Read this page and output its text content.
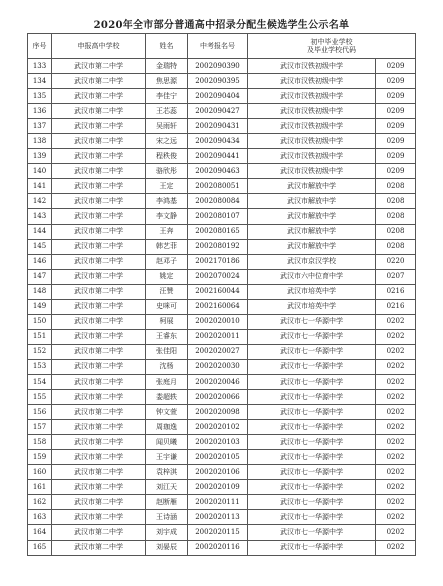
2020年全市部分普通高中招录分配生候选学生公示名单
序号	申报高中学校	姓名	中考报名号	初中毕业学校
及毕业学校代码	

133	武汉市第二中学	金瑞特	2002090390	武汉市汉铁初级中学	0209
134	武汉市第二中学	焦思源	2002090395	武汉市汉铁初级中学	0209
135	武汉市第二中学	李佳宁	2002090404	武汉市汉铁初级中学	0209
136	武汉市第二中学	王芯蕊	2002090427	武汉市汉铁初级中学	0209
137	武汉市第二中学	吴雨轩	2002090431	武汉市汉铁初级中学	0209
138	武汉市第二中学	宋之远	2002090434	武汉市汉铁初级中学	0209
139	武汉市第二中学	程秩俊	2002090441	武汉市汉铁初级中学	0209
140	武汉市第二中学	骆欣彤	2002090463	武汉市汉铁初级中学	0209
141	武汉市第二中学	王定	2002080051	武汉市解放中学	0208
142	武汉市第二中学	李鸿基	2002080084	武汉市解放中学	0208
143	武汉市第二中学	李文静	2002080107	武汉市解放中学	0208
144	武汉市第二中学	王奔	2002080165	武汉市解放中学	0208
145	武汉市第二中学	韩艺菲	2002080192	武汉市解放中学	0208
146	武汉市第二中学	赵邓子	2002170186	武汉市京汉学校	0220
147	武汉市第二中学	姚定	2002070024	武汉市六中位育中学	0207
148	武汉市第二中学	汪赞	2002160044	武汉市培英中学	0216
149	武汉市第二中学	史咪可	2002160064	武汉市培英中学	0216
150	武汉市第二中学	柯展	2002020010	武汉市七一华源中学	0202
151	武汉市第二中学	王睿东	2002020011	武汉市七一华源中学	0202
152	武汉市第二中学	张佳阳	2002020027	武汉市七一华源中学	0202
153	武汉市第二中学	沈杨	2002020030	武汉市七一华源中学	0202
154	武汉市第二中学	张庭月	2002020046	武汉市七一华源中学	0202
155	武汉市第二中学	娄超轶	2002020066	武汉市七一华源中学	0202
156	武汉市第二中学	钟文萱	2002020098	武汉市七一华源中学	0202
157	武汉市第二中学	周珈逸	2002020102	武汉市七一华源中学	0202
158	武汉市第二中学	闻贝曦	2002020103	武汉市七一华源中学	0202
159	武汉市第二中学	王宇谦	2002020105	武汉市七一华源中学	0202
160	武汉市第二中学	袁梓淇	2002020106	武汉市七一华源中学	0202
161	武汉市第二中学	刘江天	2002020109	武汉市七一华源中学	0202
162	武汉市第二中学	赵断雁	2002020111	武汉市七一华源中学	0202
163	武汉市第二中学	王诗涵	2002020113	武汉市七一华源中学	0202
164	武汉市第二中学	刘宇成	2002020115	武汉市七一华源中学	0202
165	武汉市第二中学	刘晏辰	2002020116	武汉市七一华源中学	0202
